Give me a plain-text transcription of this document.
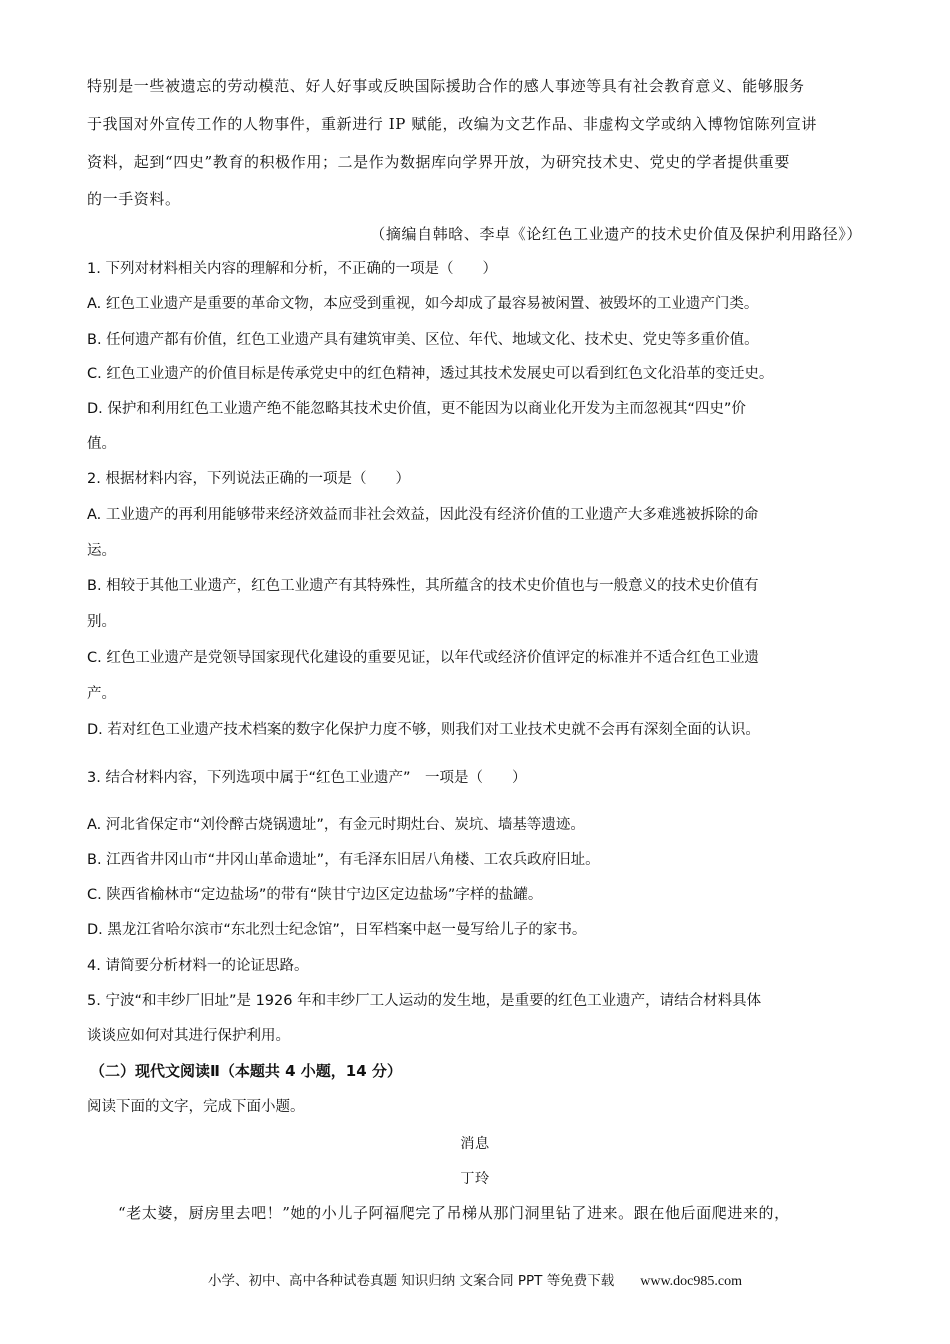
特别是一些被遗忘的劳动模范、好人好事或反映国际援助合作的感人事迹等具有社会教育意义、能够服务
于我国对外宣传工作的人物事件，重新进行 IP 赋能，改编为文艺作品、非虚构文学或纳入博物馆陈列宣讲
资料，起到“四史”教育的积极作用；二是作为数据库向学界开放，为研究技术史、党史的学者提供重要
的一手资料。
（摘编自韩晗、李卓《论红色工业遗产的技术史价值及保护利用路径》）
1. 下列对材料相关内容的理解和分析，不正确的一项是（　　）
A. 红色工业遗产是重要的革命文物，本应受到重视，如今却成了最容易被闲置、被毁坏的工业遗产门类。
B. 任何遗产都有价值，红色工业遗产具有建筑审美、区位、年代、地域文化、技术史、党史等多重价值。
C. 红色工业遗产的价值目标是传承党史中的红色精神，透过其技术发展史可以看到红色文化沿革的变迁史。
D. 保护和利用红色工业遗产绝不能忽略其技术史价值，更不能因为以商业化开发为主而忽视其“四史”价
值。
2. 根据材料内容，下列说法正确的一项是（　　）
A. 工业遗产的再利用能够带来经济效益而非社会效益，因此没有经济价值的工业遗产大多难逃被拆除的命
运。
B. 相较于其他工业遗产，红色工业遗产有其特殊性，其所蕴含的技术史价值也与一般意义的技术史价值有
别。
C. 红色工业遗产是党领导国家现代化建设的重要见证，以年代或经济价值评定的标准并不适合红色工业遗
产。
D. 若对红色工业遗产技术档案的数字化保护力度不够，则我们对工业技术史就不会再有深刻全面的认识。
3. 结合材料内容，下列选项中属于“红色工业遗产”　一项是（　　）
A. 河北省保定市“刘伶醉古烧锅遗址”，有金元时期灶台、炭坑、墙基等遗迹。
B. 江西省井冈山市“井冈山革命遗址”，有毛泽东旧居八角楼、工农兵政府旧址。
C. 陕西省榆林市“定边盐场”的带有“陕甘宁边区定边盐场”字样的盐罐。
D. 黑龙江省哈尔滨市“东北烈士纪念馆”，日军档案中赵一曼写给儿子的家书。
4. 请简要分析材料一的论证思路。
5. 宁波“和丰纱厂旧址”是 1926 年和丰纱厂工人运动的发生地，是重要的红色工业遗产，请结合材料具体
谈谈应如何对其进行保护利用。
（二）现代文阅读Ⅱ（本题共 4 小题，14 分）
阅读下面的文字，完成下面小题。
消息
丁玲
“老太婆，厨房里去吧！”她的小儿子阿福爬完了吊梯从那门洞里钻了进来。跟在他后面爬进来的，
小学、初中、高中各种试卷真题 知识归纳 文案合同 PPT 等免费下载 www.doc985.com
